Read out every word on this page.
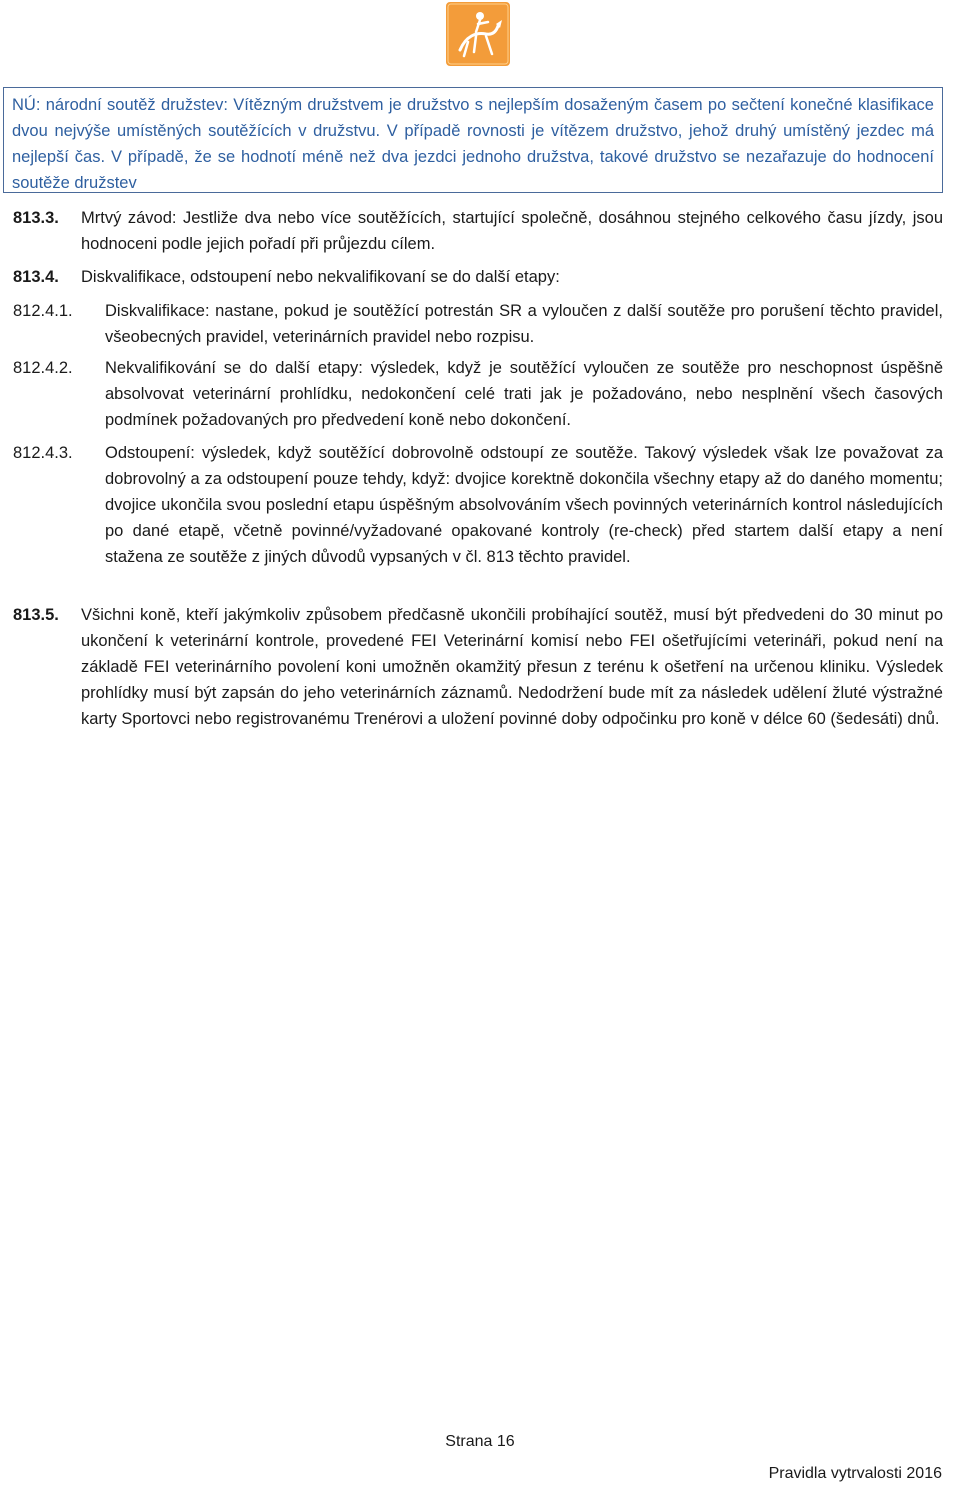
NÚ: národní soutěž družstev: Vítězným družstvem je družstvo s nejlepším dosaženým časem po sečtení konečné klasifikace dvou nejvýše umístěných soutěžících v družstvu. V případě rovnosti je vítězem družstvo, jehož druhý umístěný jezdec má nejlepší čas. V případě, že se hodnotí méně než dva jezdci jednoho družstva, takové družstvo se nezařazuje do hodnocení soutěže družstev

813.3.	Mrtvý závod: Jestliže dva nebo více soutěžících, startující společně, dosáhnou stejného celkového času jízdy, jsou hodnoceni podle jejich pořadí při průjezdu cílem.
813.4.	Diskvalifikace, odstoupení nebo nekvalifikovaní se do další etapy:
812.4.1.	Diskvalifikace: nastane, pokud je soutěžící potrestán SR a vyloučen z další soutěže pro porušení těchto pravidel, všeobecných pravidel, veterinárních pravidel nebo rozpisu.
812.4.2.	Nekvalifikování se do další etapy: výsledek, když je soutěžící vyloučen ze soutěže pro neschopnost úspěšně absolvovat veterinární prohlídku, nedokončení celé trati jak je požadováno, nebo nesplnění všech časových podmínek požadovaných pro předvedení koně nebo dokončení.
812.4.3.	Odstoupení: výsledek, když soutěžící dobrovolně odstoupí ze soutěže. Takový výsledek však lze považovat za dobrovolný a za odstoupení pouze tehdy, když: dvojice korektně dokončila všechny etapy až do daného momentu; dvojice ukončila svou poslední etapu úspěšným absolvováním všech povinných veterinárních kontrol následujících po dané etapě, včetně povinné/vyžadované opakované kontroly (re-check) před startem další etapy a není stažena ze soutěže z jiných důvodů vypsaných v čl. 813 těchto pravidel.
813.5.	Všichni koně, kteří jakýmkoliv způsobem předčasně ukončili probíhající soutěž, musí být předvedeni do 30 minut po ukončení k veterinární kontrole, provedené FEI Veterinární komisí nebo FEI ošetřujícími veterináři, pokud není na základě FEI veterinárního povolení koni umožněn okamžitý přesun z terénu k ošetření na určenou kliniku. Výsledek prohlídky musí být zapsán do jeho veterinárních záznamů. Nedodržení bude mít za následek udělení žluté výstražné karty Sportovci nebo registrovanému Trenérovi a uložení povinné doby odpočinku pro koně v délce 60 (šedesáti) dnů.
Strana 16
Pravidla vytrvalosti 2016
